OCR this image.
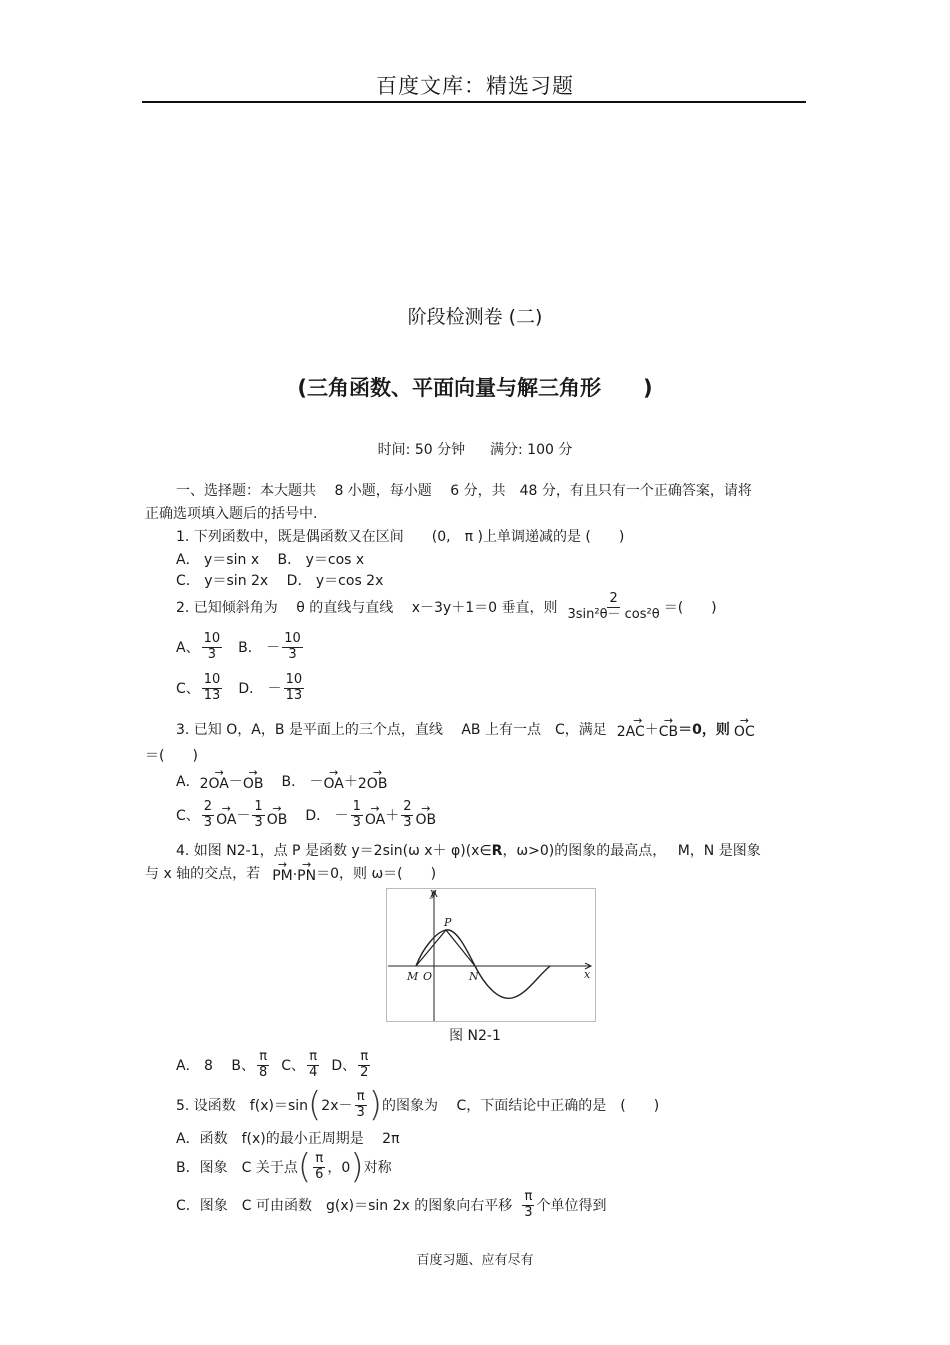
百度文库：精选习题
阶段检测卷 (二)
(三角函数、平面向量与解三角形 )
时间: 50 分钟 满分: 100 分
一、选择题：本大题共　 8 小题，每小题　 6 分，共　48 分，有且只有一个正确答案，请将
正确选项填入题后的括号中.
1. 下列函数中，既是偶函数又在区间　　(0,　π )上单调递减的是 (　　)
A． y＝sin x　 B． y＝cos x
C． y＝sin 2x　 D． y＝cos 2x
2. 已知倾斜角为　 θ 的直线与直线　 x－3y＋1＝0 垂直，则 $\frac{2}{\text{3sin²θ－ cos²θ}}$ ＝(　　)
A、 $\frac{10}{3}$ B． － $\frac{10}{3}$
C、 $\frac{10}{13}$ D． － $\frac{10}{13}$
3. 已知 O，A，B 是平面上的三个点，直线　 AB 上有一点　C，满足
→
2AC ＋
→
CB ＝0，则
→
OC
＝(　　)
A．
→
2OA －
→
OB B． －
→
OA ＋
→
2OB
C、 $\frac{2}{3}$ →
OA － $\frac{1}{3}$ →
OB D． － $\frac{1}{3}$ →
OA ＋ $\frac{2}{3}$ →
OB
4. 如图 N2-1，点 P 是函数 y＝2sin(ω x＋ φ)(x∈R，ω>0)的图象的最高点，　 M，N 是图象
与 x 轴的交点，若
→
PM ·
→
PN ＝0，则 ω＝(　　)
y
x
P
M O	N
图 N2-1
A． 8　 B、 $\frac{\pi}{8}$ C、 $\frac{\pi}{4}$ D、 $\frac{\pi}{2}$
5. 设函数　f(x)＝sin ( $2x- \frac{\pi}{3}$ ) 的图象为　 C，下面结论中正确的是　(　　)
A．函数　f(x)的最小正周期是　 2π
B．图象　C 关于点 ( $\frac{\pi}{6}$ ，0 ) 对称
C．图象　C 可由函数　g(x)＝sin 2x 的图象向右平移 $\frac{\pi}{3}$ 个单位得到
百度习题、应有尽有
